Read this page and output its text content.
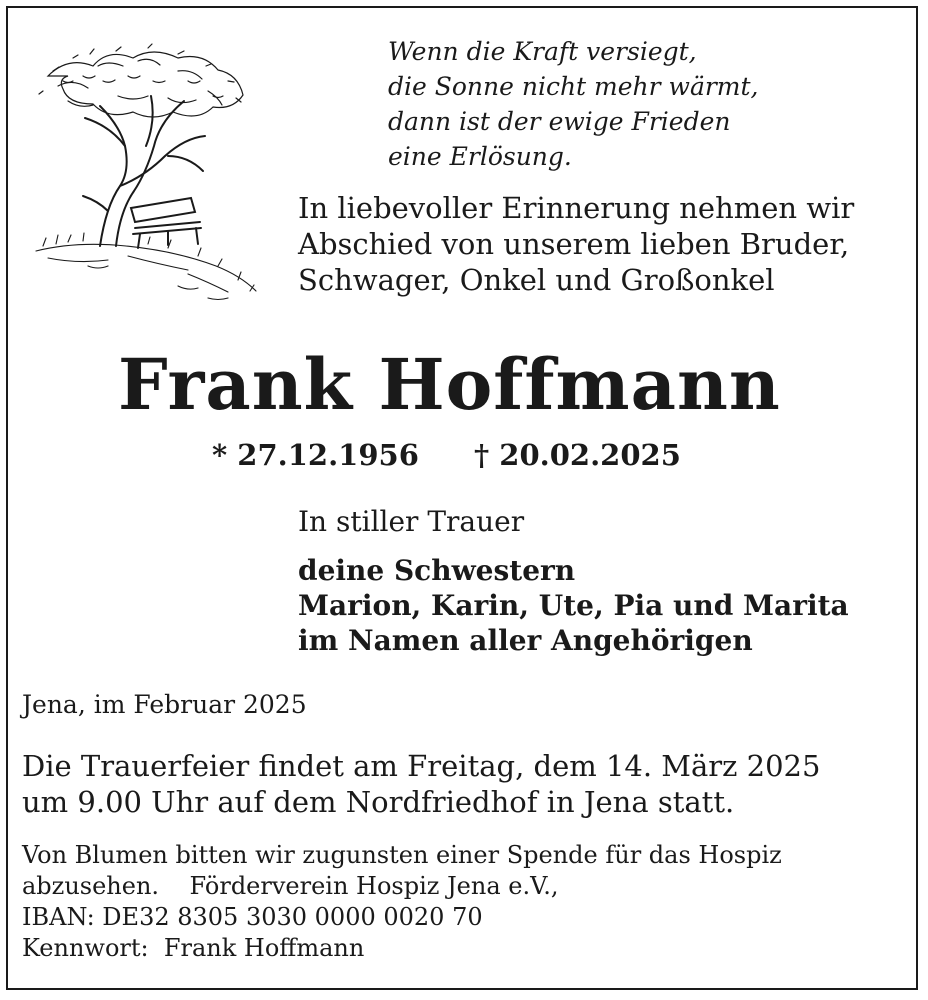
Wenn die Kraft versiegt,
die Sonne nicht mehr wärmt,
dann ist der ewige Frieden
eine Erlösung.
In liebevoller Erinnerung nehmen wir
Abschied von unserem lieben Bruder,
Schwager, Onkel und Großonkel
Frank Hoffmann
* 27.12.1956 † 20.02.2025
In stiller Trauer
deine Schwestern
Marion, Karin, Ute, Pia und Marita
im Namen aller Angehörigen
Jena, im Februar 2025
Die Trauerfeier findet am Freitag, dem 14. März 2025
um 9.00 Uhr auf dem Nordfriedhof in Jena statt.
Von Blumen bitten wir zugunsten einer Spende für das Hospiz
abzusehen.    Förderverein Hospiz Jena e.V.,
IBAN: DE32 8305 3030 0000 0020 70
Kennwort:  Frank Hoffmann
